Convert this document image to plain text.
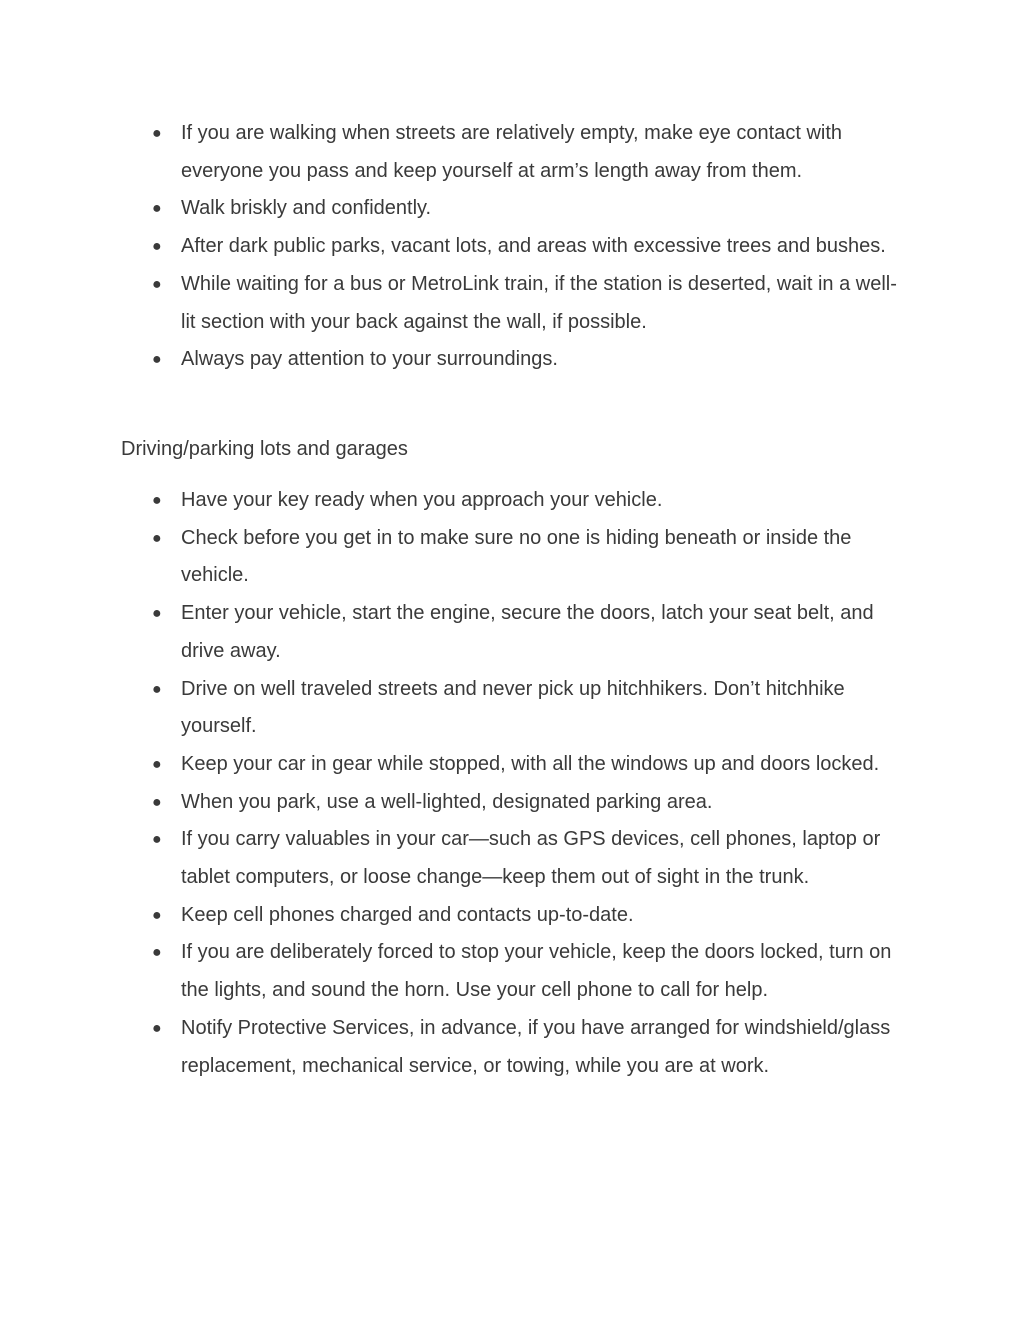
● If you are walking when streets are relatively empty, make eye contact with everyone you pass and keep yourself at arm’s length away from them.
● Walk briskly and confidently.
● After dark public parks, vacant lots, and areas with excessive trees and bushes.
● While waiting for a bus or MetroLink train, if the station is deserted, wait in a well-lit section with your back against the wall, if possible.
● Always pay attention to your surroundings.

Driving/parking lots and garages

● Have your key ready when you approach your vehicle.
● Check before you get in to make sure no one is hiding beneath or inside the vehicle.
● Enter your vehicle, start the engine, secure the doors, latch your seat belt, and drive away.
● Drive on well traveled streets and never pick up hitchhikers. Don’t hitchhike yourself.
● Keep your car in gear while stopped, with all the windows up and doors locked.
● When you park, use a well-lighted, designated parking area.
● If you carry valuables in your car—such as GPS devices, cell phones, laptop or tablet computers, or loose change—keep them out of sight in the trunk.
● Keep cell phones charged and contacts up-to-date.
● If you are deliberately forced to stop your vehicle, keep the doors locked, turn on the lights, and sound the horn. Use your cell phone to call for help.
● Notify Protective Services, in advance, if you have arranged for windshield/glass replacement, mechanical service, or towing, while you are at work.
